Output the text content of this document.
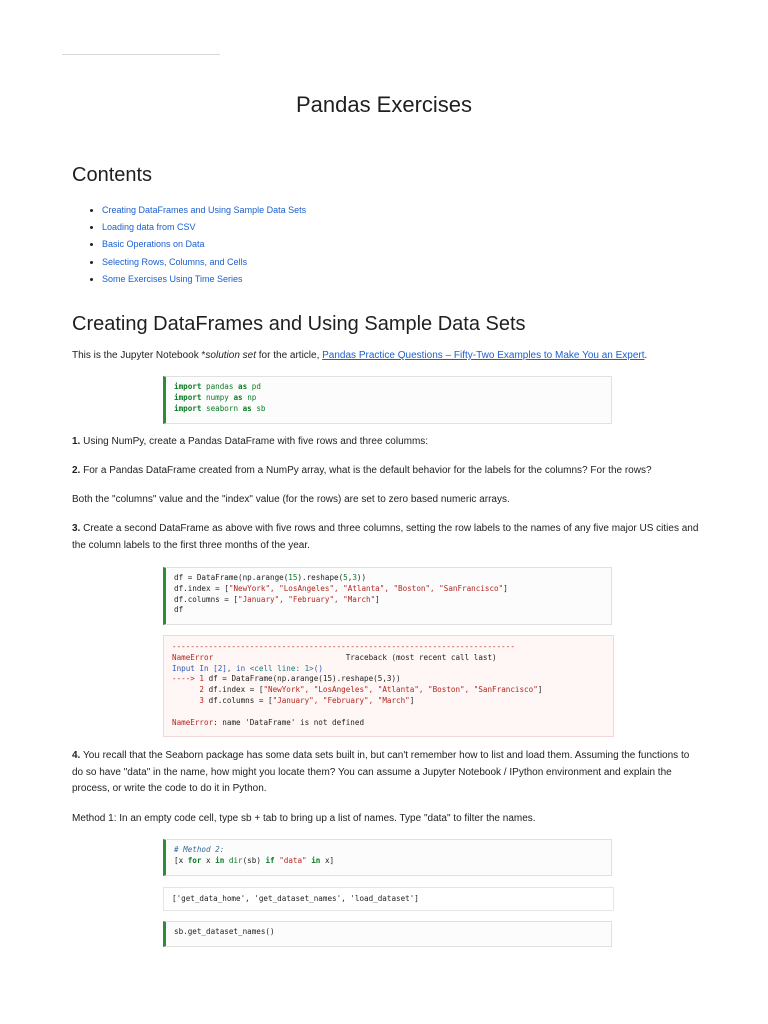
Pandas Exercises
Contents
Creating DataFrames and Using Sample Data Sets
Loading data from CSV
Basic Operations on Data
Selecting Rows, Columns, and Cells
Some Exercises Using Time Series
Creating DataFrames and Using Sample Data Sets

This is the Jupyter Notebook *solution set for the article, Pandas Practice Questions – Fifty-Two Examples to Make You an Expert.

import pandas as pd
import numpy as np
import seaborn as sb

1. Using NumPy, create a Pandas DataFrame with five rows and three columms:

2. For a Pandas DataFrame created from a NumPy array, what is the default behavior for the labels for the columns? For the rows?

Both the "columns" value and the "index" value (for the rows) are set to zero based numeric arrays.

3. Create a second DataFrame as above with five rows and three columns, setting the row labels to the names of any five major US cities and the column labels to the first three months of the year.

df = DataFrame(np.arange(15).reshape(5,3))
df.index = ["NewYork", "LosAngeles", "Atlanta", "Boston", "SanFrancisco"]
df.columns = ["January", "February", "March"]
df
---------------------------------------------------------------------------
NameError                             Traceback (most recent call last)
Input In [2], in <cell line: 1>()
----> 1 df = DataFrame(np.arange(15).reshape(5,3))
2 df.index = ["NewYork", "LosAngeles", "Atlanta", "Boston", "SanFrancisco"]
3 df.columns = ["January", "February", "March"]

NameError: name 'DataFrame' is not defined

4. You recall that the Seaborn package has some data sets built in, but can't remember how to list and load them. Assuming the functions to do so have "data" in the name, how might you locate them? You can assume a Jupyter Notebook / IPython environment and explain the process, or write the code to do it in Python.

Method 1: In an empty code cell, type sb + tab to bring up a list of names. Type "data" to filter the names.

# Method 2:
[x for x in dir(sb) if "data" in x]
['get_data_home', 'get_dataset_names', 'load_dataset']
sb.get_dataset_names()
